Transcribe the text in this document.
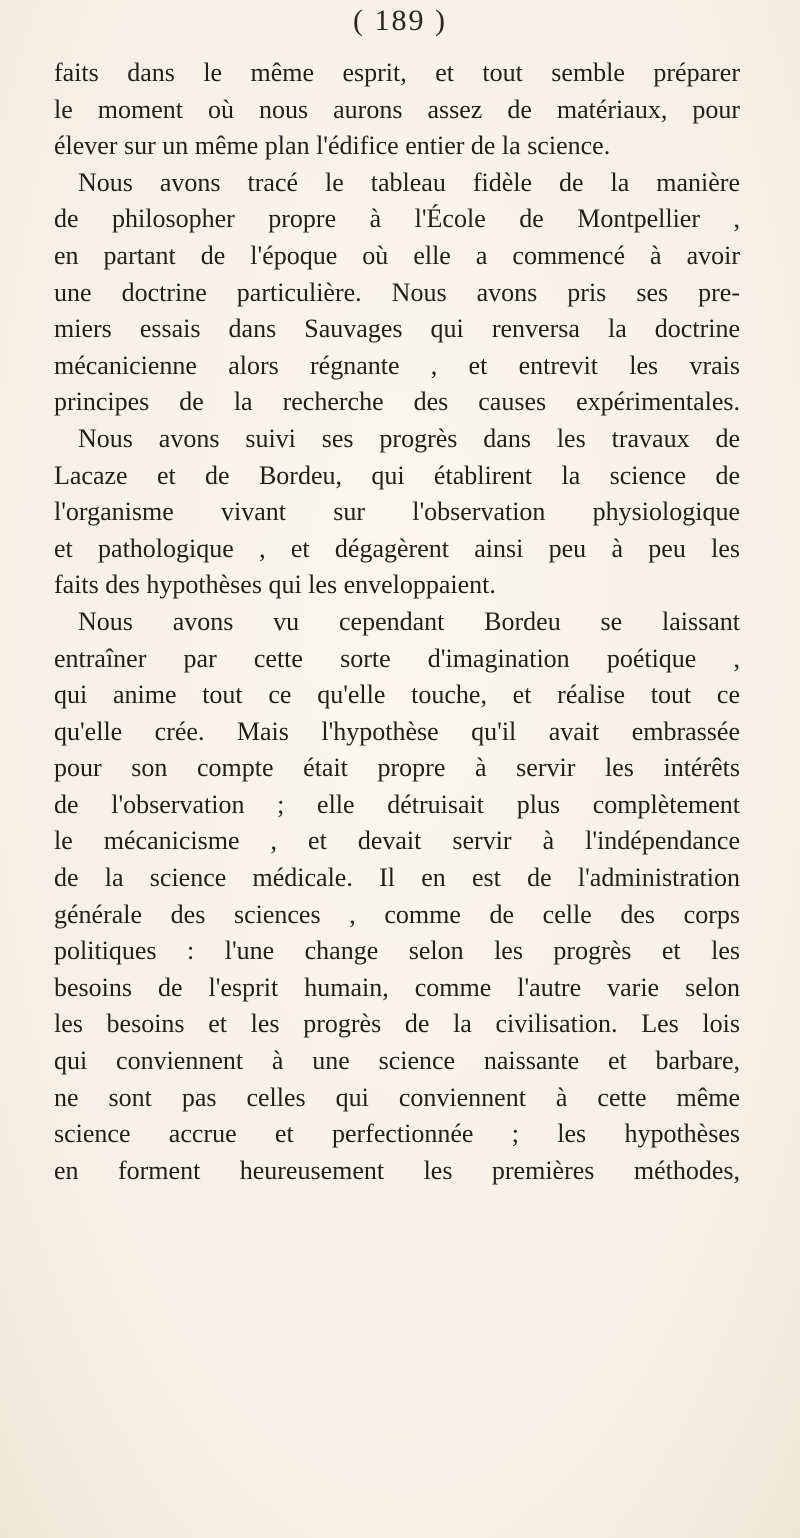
( 189 )
faits dans le même esprit, et tout semble préparer
le moment où nous aurons assez de matériaux, pour
élever sur un même plan l'édifice entier de la science.
Nous avons tracé le tableau fidèle de la manière
de philosopher propre à l'École de Montpellier ,
en partant de l'époque où elle a commencé à avoir
une doctrine particulière. Nous avons pris ses pre-
miers essais dans Sauvages qui renversa la doctrine
mécanicienne alors régnante , et entrevit les vrais
principes de la recherche des causes expérimentales.
Nous avons suivi ses progrès dans les travaux de
Lacaze et de Bordeu, qui établirent la science de
l'organisme vivant sur l'observation physiologique
et pathologique , et dégagèrent ainsi peu à peu les
faits des hypothèses qui les enveloppaient.
Nous avons vu cependant Bordeu se laissant
entraîner par cette sorte d'imagination poétique ,
qui anime tout ce qu'elle touche, et réalise tout ce
qu'elle crée. Mais l'hypothèse qu'il avait embrassée
pour son compte était propre à servir les intérêts
de l'observation ; elle détruisait plus complètement
le mécanicisme , et devait servir à l'indépendance
de la science médicale. Il en est de l'administration
générale des sciences , comme de celle des corps
politiques : l'une change selon les progrès et les
besoins de l'esprit humain, comme l'autre varie selon
les besoins et les progrès de la civilisation. Les lois
qui conviennent à une science naissante et barbare,
ne sont pas celles qui conviennent à cette même
science accrue et perfectionnée ; les hypothèses
en forment heureusement les premières méthodes,
